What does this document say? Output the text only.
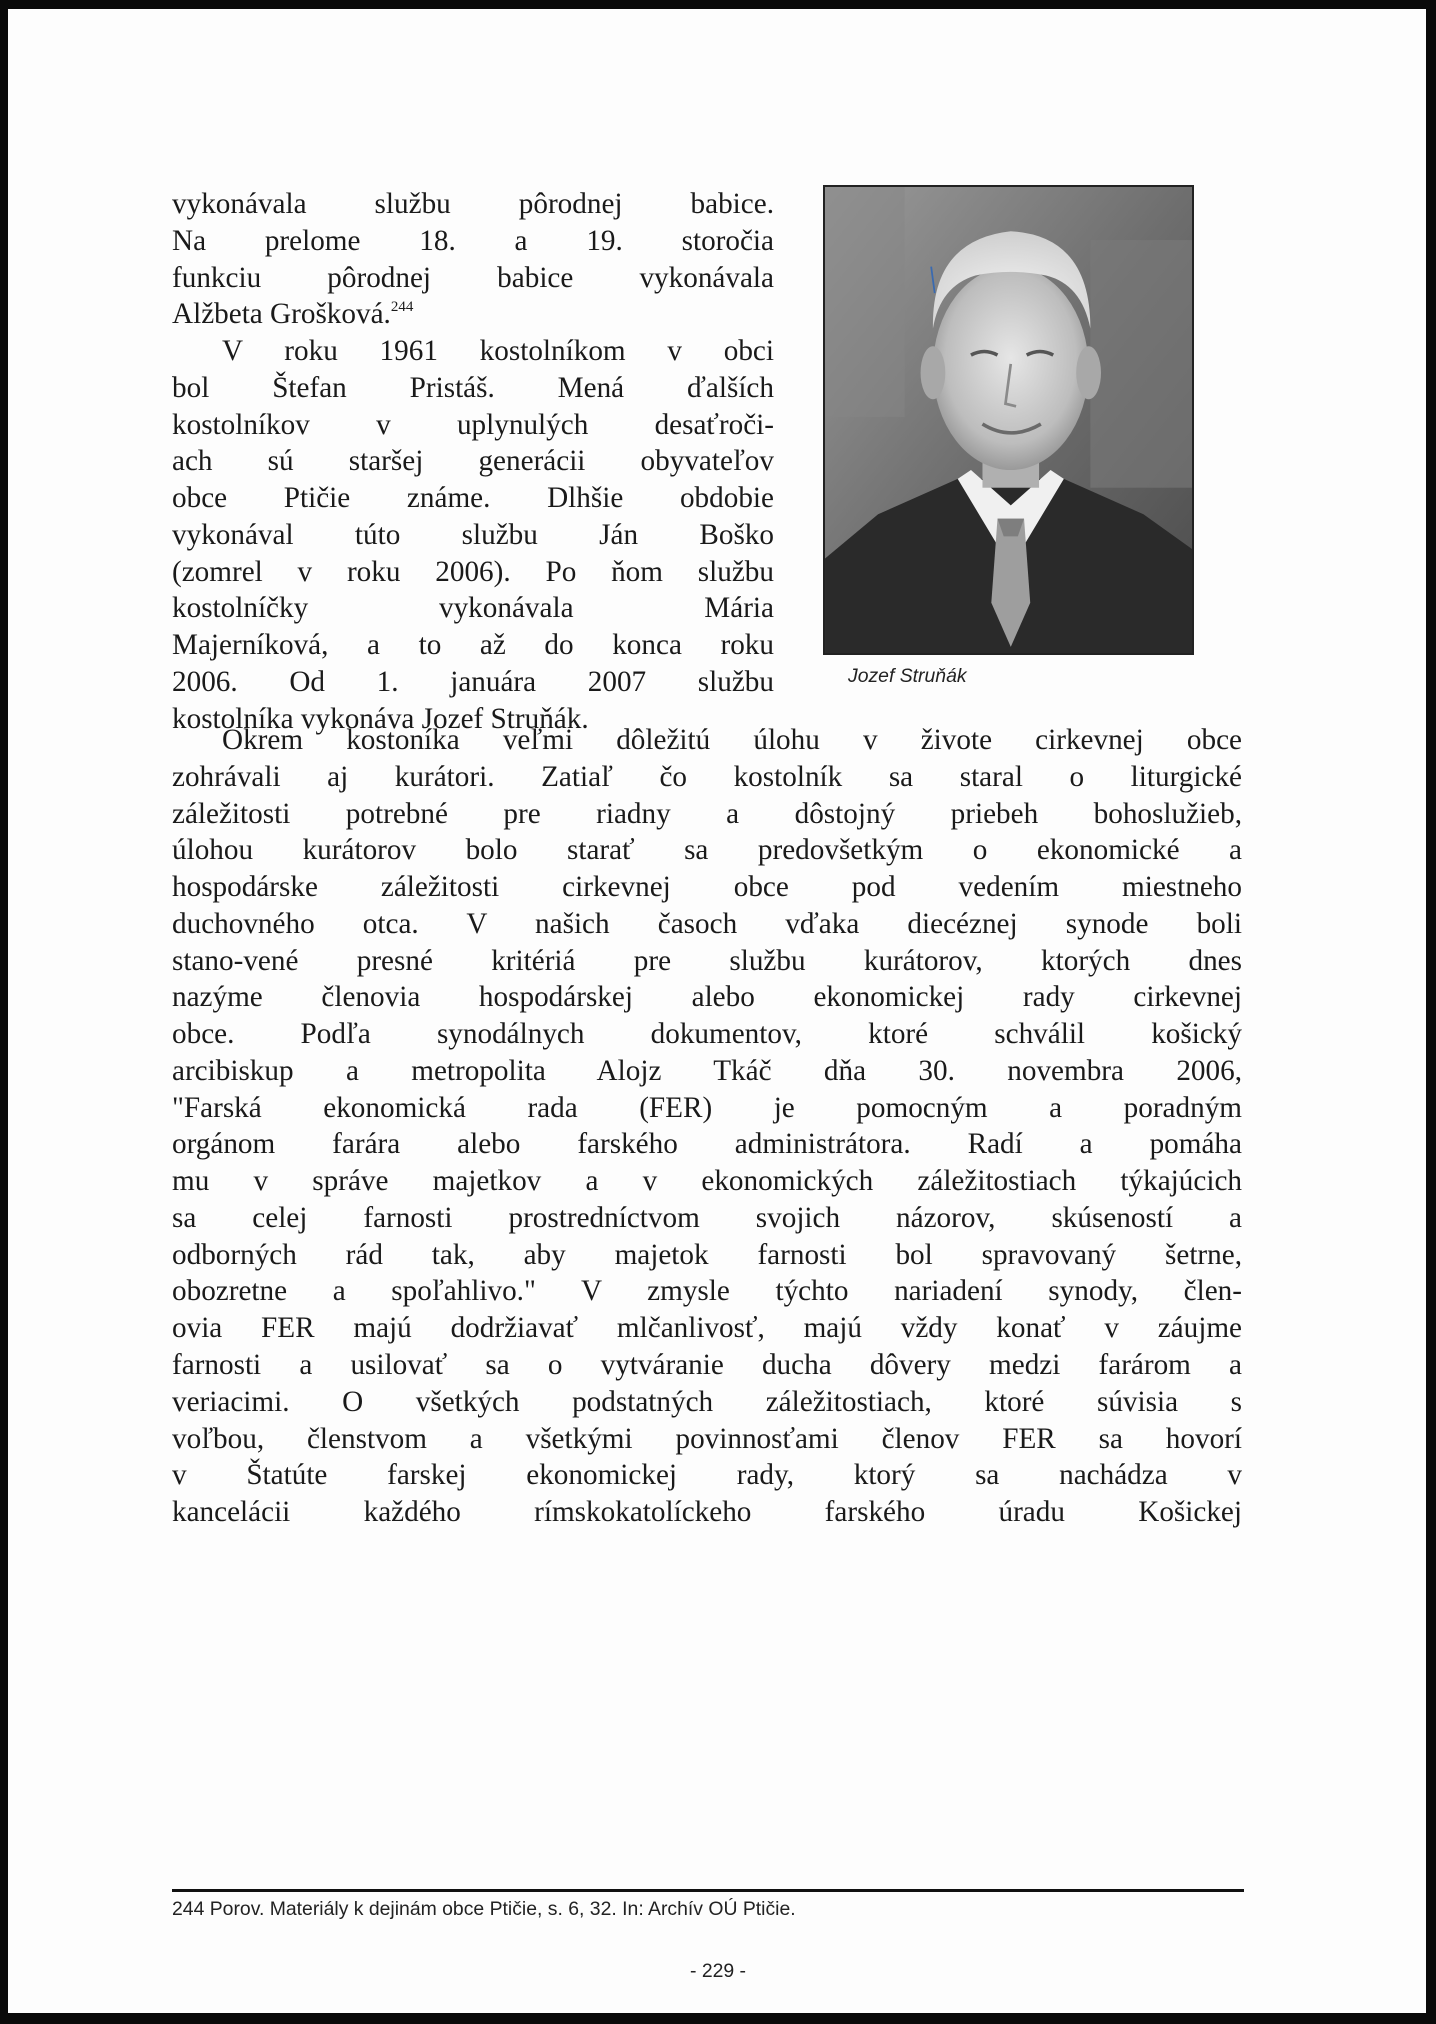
vykonávala službu pôrodnej babice.
Na prelome 18. a 19. storočia
funkciu pôrodnej babice vykonávala
Alžbeta Grošková.$^{244}$
V roku 1961 kostolníkom v obci
bol Štefan Pristáš. Mená ďalších
kostolníkov v uplynulých desaťroči-
ach sú staršej generácii obyvateľov
obce Ptičie známe. Dlhšie obdobie
vykonával túto službu Ján Boško
(zomrel v roku 2006). Po ňom službu
kostolníčky vykonávala Mária
Majerníková, a to až do konca roku
2006. Od 1. januára 2007 službu
kostolníka vykonáva Jozef Struňák.
Jozef Struňák
Okrem kostoníka veľmi dôležitú úlohu v živote cirkevnej obce
zohrávali aj kurátori. Zatiaľ čo kostolník sa staral o liturgické
záležitosti potrebné pre riadny a dôstojný priebeh bohoslužieb,
úlohou kurátorov bolo starať sa predovšetkým o ekonomické a
hospodárske záležitosti cirkevnej obce pod vedením miestneho
duchovného otca. V našich časoch vďaka diecéznej synode boli
stano-vené presné kritériá pre službu kurátorov, ktorých dnes
nazýme členovia hospodárskej alebo ekonomickej rady cirkevnej
obce. Podľa synodálnych dokumentov, ktoré schválil košický
arcibiskup a metropolita Alojz Tkáč dňa 30. novembra 2006,
"Farská ekonomická rada (FER) je pomocným a poradným
orgánom farára alebo farského administrátora. Radí a pomáha
mu v správe majetkov a v ekonomických záležitostiach týkajúcich
sa celej farnosti prostredníctvom svojich názorov, skúseností a
odborných rád tak, aby majetok farnosti bol spravovaný šetrne,
obozretne a spoľahlivo." V zmysle týchto nariadení synody, člen-
ovia FER majú dodržiavať mlčanlivosť, majú vždy konať v záujme
farnosti a usilovať sa o vytváranie ducha dôvery medzi farárom a
veriacimi. O všetkých podstatných záležitostiach, ktoré súvisia s
voľbou, členstvom a všetkými povinnosťami členov FER sa hovorí
v Štatúte farskej ekonomickej rady, ktorý sa nachádza v
kancelácii každého rímskokatolíckeho farského úradu Košickej
244 Porov. Materiály k dejinám obce Ptičie, s. 6, 32. In: Archív OÚ Ptičie.
- 229 -
